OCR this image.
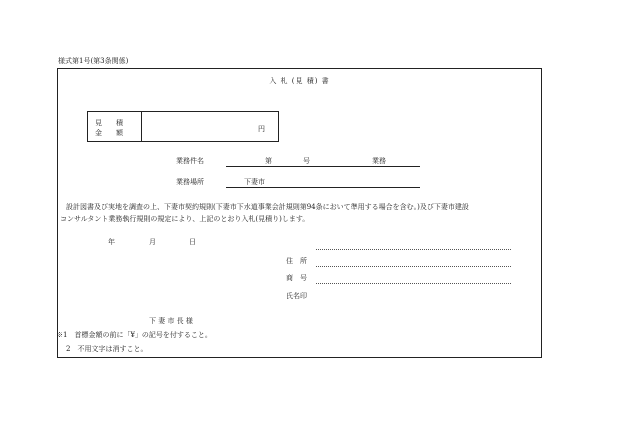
様式第1号(第3条関係)
入 札 (見 積) 書
見　　積
金　　額	円
業務件名	第	号	業務
業務場所	下妻市
設計図書及び実地を調査の上、下妻市契約規則(下妻市下水道事業会計規則第94条において準用する場合を含む。)及び下妻市建設
コンサルタント業務執行規則の規定により、上記のとおり入札(見積り)します。
年	月	日
住　所
商　号
氏名印
下 妻 市 長 様
※1　首標金額の前に「¥」の記号を付すること。
2　不用文字は消すこと。
